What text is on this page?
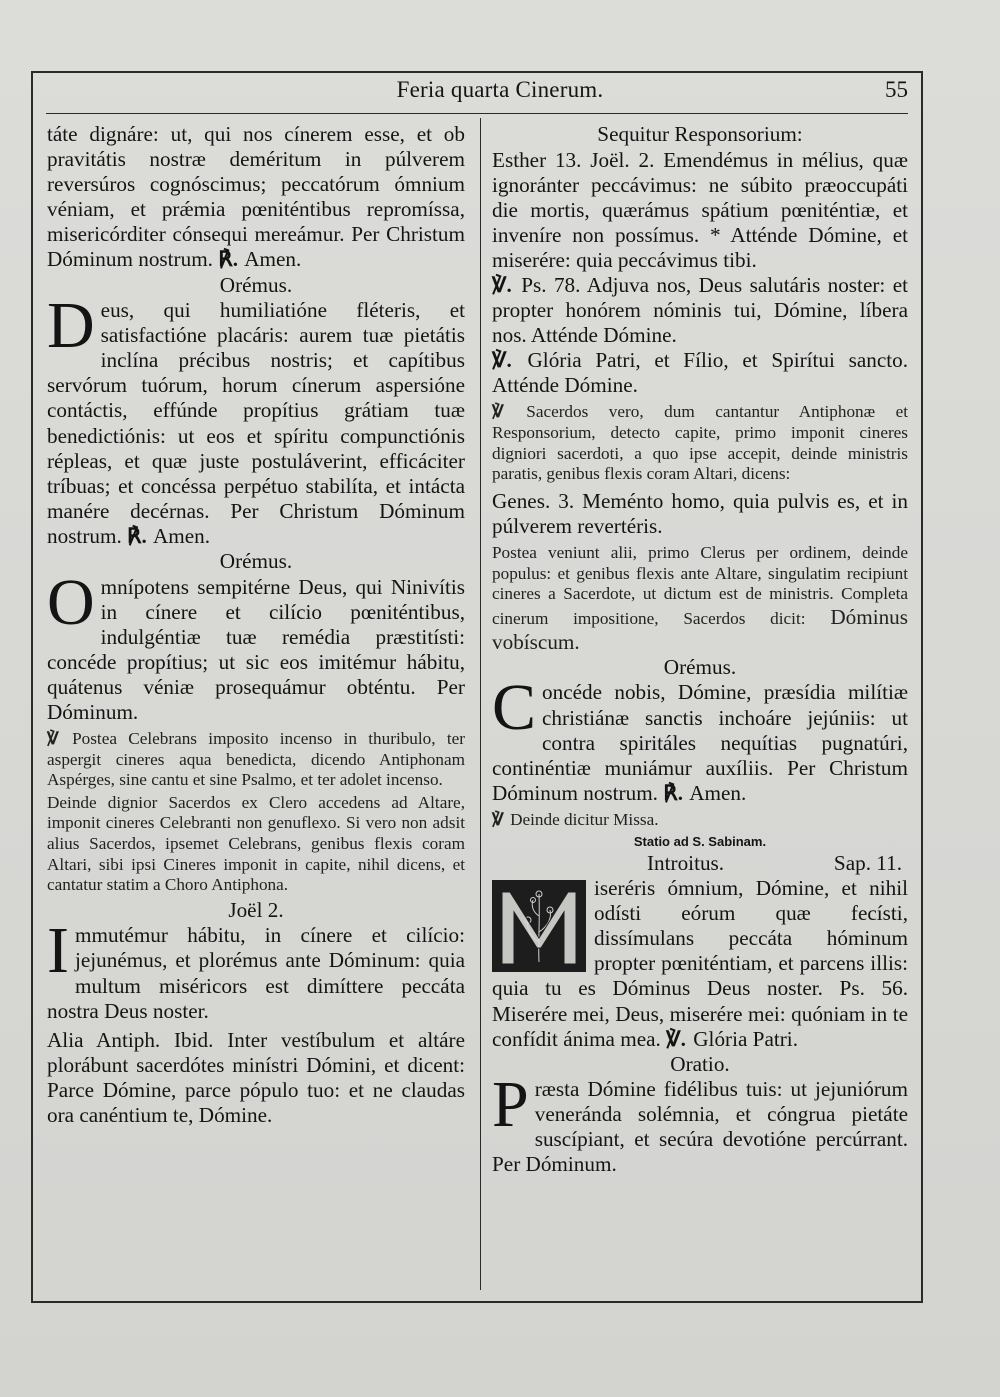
Feria quarta Cinerum.	55

táte dignáre: ut, qui nos cínerem esse, et ob pravitátis nostræ deméritum in púlverem reversúros cognóscimus; peccatórum ómnium véniam, et prǽmia pœniténtibus repromíssa, misericórditer cónsequi mereámur. Per Christum Dóminum nostrum. ℟. Amen.

Orémus.

Deus, qui humiliatióne fléteris, et satisfactióne placáris: aurem tuæ pietátis inclína précibus nostris; et capítibus servórum tuórum, horum cínerum aspersióne contáctis, effúnde propítius grátiam tuæ benedictiónis: ut eos et spíritu compunctiónis répleas, et quæ juste postuláverint, efficáciter tríbuas; et concéssa perpétuo stabilíta, et intácta manére decérnas. Per Christum Dóminum nostrum. ℟. Amen.

Orémus.

Omnípotens sempitérne Deus, qui Ninivítis in cínere et cilício pœniténtibus, indulgéntiæ tuæ remédia præstitísti: concéde propítius; ut sic eos imitémur hábitu, quátenus véniæ prosequámur obténtu. Per Dóminum.

℣ Postea Celebrans imposito incenso in thuribulo, ter aspergit cineres aqua benedicta, dicendo Antiphonam Aspérges, sine cantu et sine Psalmo, et ter adolet incenso.

Deinde dignior Sacerdos ex Clero accedens ad Altare, imponit cineres Celebranti non genuflexo. Si vero non adsit alius Sacerdos, ipsemet Celebrans, genibus flexis coram Altari, sibi ipsi Cineres imponit in capite, nihil dicens, et cantatur statim a Choro Antiphona.

Joël 2.

Immutémur hábitu, in cínere et cilício: jejunémus, et plorémus ante Dóminum: quia multum miséricors est dimíttere peccáta nostra Deus noster.

Alia Antiph. Ibid. Inter vestíbulum et altáre plorábunt sacerdótes minístri Dómini, et dicent: Parce Dómine, parce pópulo tuo: et ne claudas ora canéntium te, Dómine.

Sequitur Responsorium:

Esther 13. Joël. 2. Emendémus in mélius, quæ ignoránter peccávimus: ne súbito præoccupáti die mortis, quærámus spátium pœniténtiæ, et inveníre non possímus. * Atténde Dómine, et miserére: quia peccávimus tibi.

℣. Ps. 78. Adjuva nos, Deus salutáris noster: et propter honórem nóminis tui, Dómine, líbera nos. Atténde Dómine.

℣. Glória Patri, et Fílio, et Spirítui sancto. Atténde Dómine.

℣ Sacerdos vero, dum cantantur Antiphonæ et Responsorium, detecto capite, primo imponit cineres digniori sacerdoti, a quo ipse accepit, deinde ministris paratis, genibus flexis coram Altari, dicens:

Genes. 3. Meménto homo, quia pulvis es, et in púlverem revertéris.

Postea veniunt alii, primo Clerus per ordinem, deinde populus: et genibus flexis ante Altare, singulatim recipiunt cineres a Sacerdote, ut dictum est de ministris. Completa cinerum impositione, Sacerdos dicit: Dóminus vobíscum.

Orémus.

Concéde nobis, Dómine, præsídia milítiæ christiánæ sanctis inchoáre jejúniis: ut contra spiritáles nequítias pugnatúri, continéntiæ muniámur auxíliis. Per Christum Dóminum nostrum. ℟. Amen.

℣ Deinde dicitur Missa.

Statio ad S. Sabinam.

Introitus.	Sap. 11.

iseréris ómnium, Dómine, et nihil odísti eórum quæ fecísti, dissímulans peccáta hóminum propter pœniténtiam, et parcens illis: quia tu es Dóminus Deus noster. Ps. 56. Miserére mei, Deus, miserére mei: quóniam in te confídit ánima mea. ℣. Glória Patri.

Oratio.

Præsta Dómine fidélibus tuis: ut jejuniórum veneránda solémnia, et cóngrua pietáte suscípiant, et secúra devotióne percúrrant. Per Dóminum.
